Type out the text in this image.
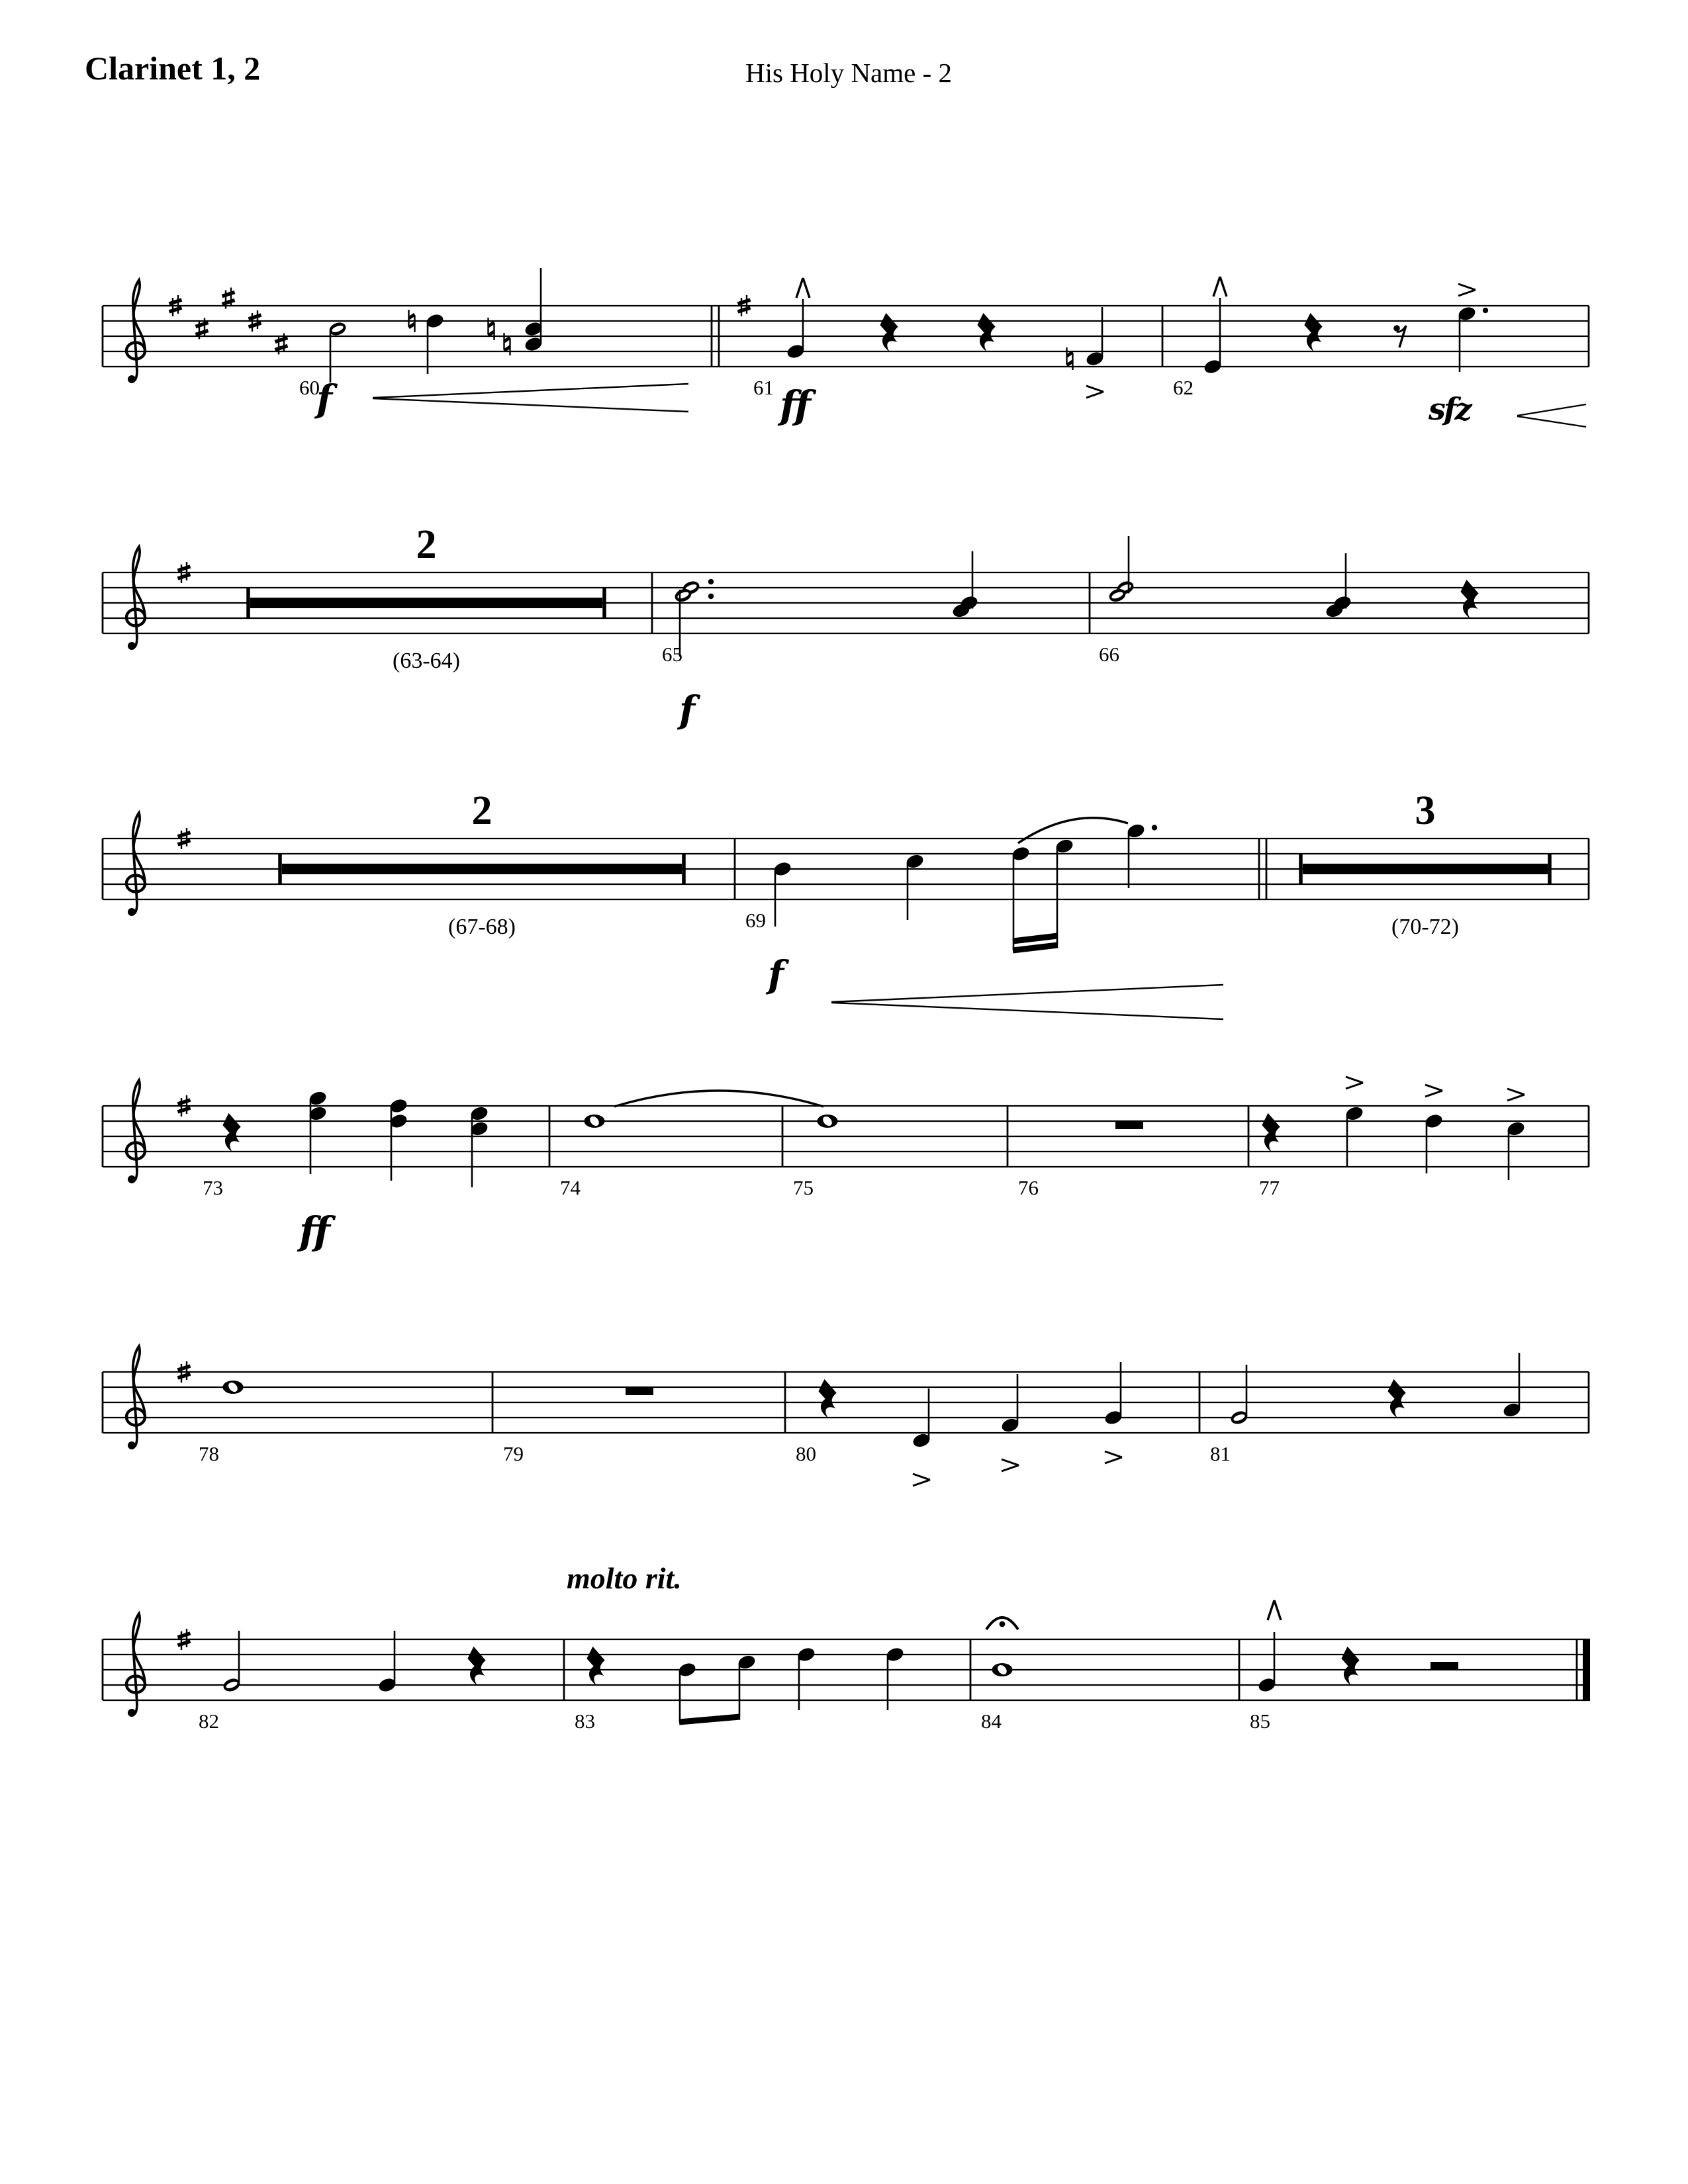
Clarinet 1, 2	His Holy Name - 2
60
f	61 ff	62
sfz
2
(63-64)	65
f
66
2
(67-68)	69
f
3
(70-72)
73
ff
74	75	76	77
78	79	80	81
molto rit.
82	83	84	85
